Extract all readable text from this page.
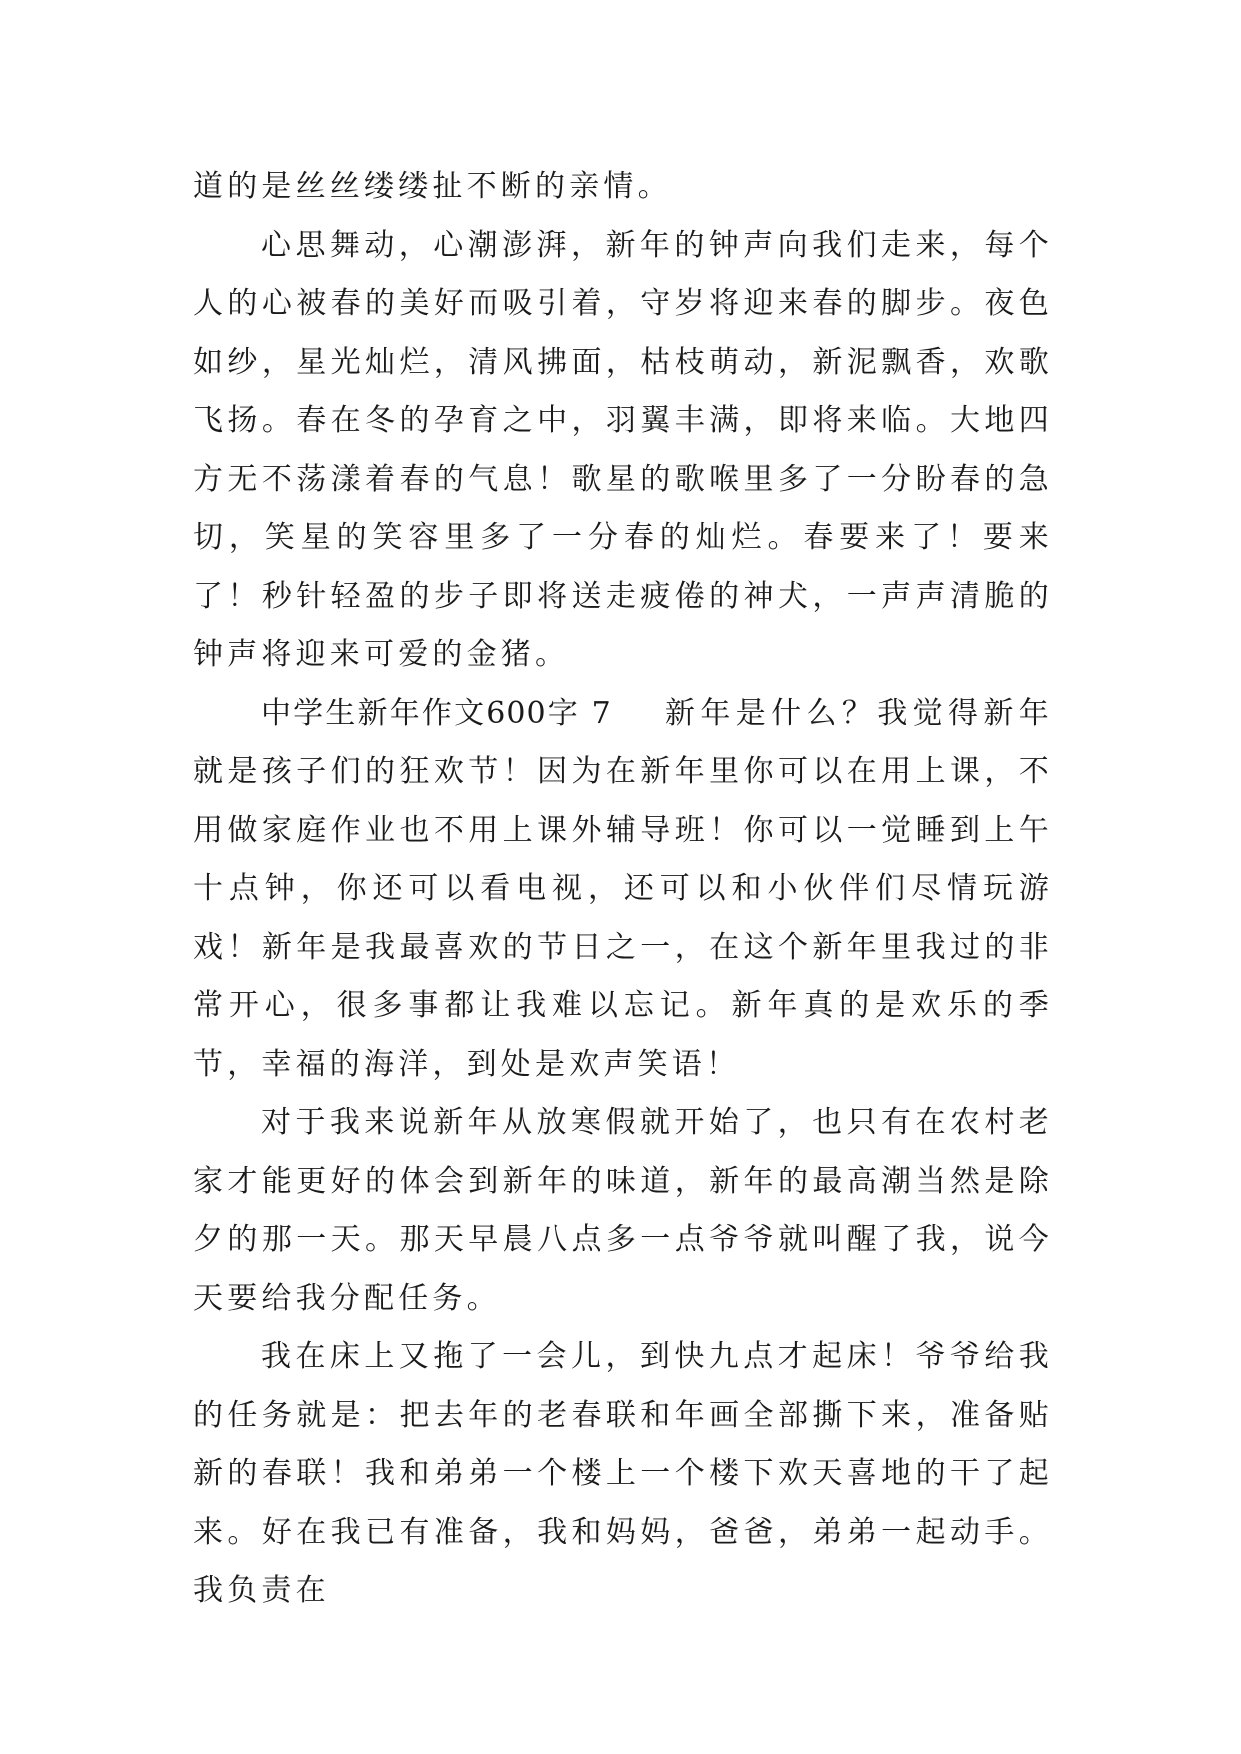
道的是丝丝缕缕扯不断的亲情。

心思舞动，心潮澎湃，新年的钟声向我们走来，每个人的心被春的美好而吸引着，守岁将迎来春的脚步。夜色如纱，星光灿烂，清风拂面，枯枝萌动，新泥飘香，欢歌飞扬。春在冬的孕育之中，羽翼丰满，即将来临。大地四方无不荡漾着春的气息！歌星的歌喉里多了一分盼春的急切，笑星的笑容里多了一分春的灿烂。春要来了！要来了！秒针轻盈的步子即将送走疲倦的神犬，一声声清脆的钟声将迎来可爱的金猪。

中学生新年作文600字 7 新年是什么？我觉得新年就是孩子们的狂欢节！因为在新年里你可以在用上课，不用做家庭作业也不用上课外辅导班！你可以一觉睡到上午十点钟，你还可以看电视，还可以和小伙伴们尽情玩游戏！新年是我最喜欢的节日之一，在这个新年里我过的非常开心，很多事都让我难以忘记。新年真的是欢乐的季节，幸福的海洋，到处是欢声笑语！

对于我来说新年从放寒假就开始了，也只有在农村老家才能更好的体会到新年的味道，新年的最高潮当然是除夕的那一天。那天早晨八点多一点爷爷就叫醒了我，说今天要给我分配任务。

我在床上又拖了一会儿，到快九点才起床！爷爷给我的任务就是：把去年的老春联和年画全部撕下来，准备贴新的春联！我和弟弟一个楼上一个楼下欢天喜地的干了起来。好在我已有准备，我和妈妈，爸爸，弟弟一起动手。我负责在
